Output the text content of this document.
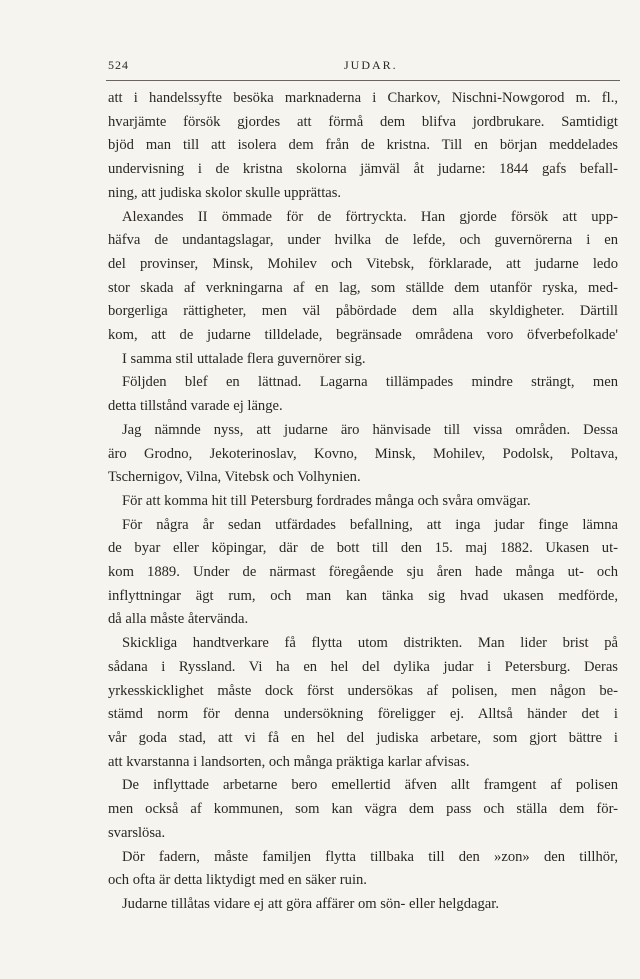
524	JUDAR.
att i handelssyfte besöka marknaderna i Charkov, Nischni-Nowgorod m. fl.,
hvarjämte försök gjordes att förmå dem blifva jordbrukare. Samtidigt
bjöd man till att isolera dem från de kristna. Till en början meddelades
undervisning i de kristna skolorna jämväl åt judarne: 1844 gafs befall-
ning, att judiska skolor skulle upprättas.
Alexandes II ömmade för de förtryckta. Han gjorde försök att upp-
häfva de undantagslagar, under hvilka de lefde, och guvernörerna i en
del provinser, Minsk, Mohilev och Vitebsk, förklarade, att judarne ledo
stor skada af verkningarna af en lag, som ställde dem utanför ryska, med-
borgerliga rättigheter, men väl påbördade dem alla skyldigheter. Därtill
kom, att de judarne tilldelade, begränsade områdena voro öfverbefolkade'
I samma stil uttalade flera guvernörer sig.
Följden blef en lättnad. Lagarna tillämpades mindre strängt, men
detta tillstånd varade ej länge.
Jag nämnde nyss, att judarne äro hänvisade till vissa områden. Dessa
äro Grodno, Jekoterinoslav, Kovno, Minsk, Mohilev, Podolsk, Poltava,
Tschernigov, Vilna, Vitebsk och Volhynien.
För att komma hit till Petersburg fordrades många och svåra omvägar.
För några år sedan utfärdades befallning, att inga judar finge lämna
de byar eller köpingar, där de bott till den 15. maj 1882. Ukasen ut-
kom 1889. Under de närmast föregående sju åren hade många ut- och
inflyttningar ägt rum, och man kan tänka sig hvad ukasen medförde,
då alla måste återvända.
Skickliga handtverkare få flytta utom distrikten. Man lider brist på
sådana i Ryssland. Vi ha en hel del dylika judar i Petersburg. Deras
yrkesskicklighet måste dock först undersökas af polisen, men någon be-
stämd norm för denna undersökning föreligger ej. Alltså händer det i
vår goda stad, att vi få en hel del judiska arbetare, som gjort bättre i
att kvarstanna i landsorten, och många präktiga karlar afvisas.
De inflyttade arbetarne bero emellertid äfven allt framgent af polisen
men också af kommunen, som kan vägra dem pass och ställa dem för-
svarslösa.
Dör fadern, måste familjen flytta tillbaka till den »zon» den tillhör,
och ofta är detta liktydigt med en säker ruin.
Judarne tillåtas vidare ej att göra affärer om sön- eller helgdagar.
